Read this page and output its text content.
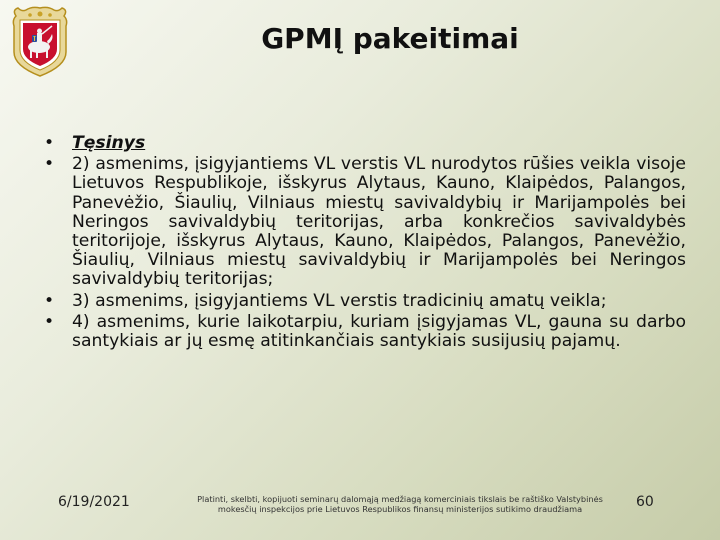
GPMĮ pakeitimai
• Tęsinys
• 2) asmenims, įsigyjantiems VL verstis VL nurodytos rūšies veikla visoje Lietuvos Respublikoje, išskyrus Alytaus, Kauno, Klaipėdos, Palangos, Panevėžio, Šiaulių, Vilniaus miestų savivaldybių ir Marijampolės bei Neringos savivaldybių teritorijas, arba konkrečios savivaldybės teritorijoje, išskyrus Alytaus, Kauno, Klaipėdos, Palangos, Panevėžio, Šiaulių, Vilniaus miestų savivaldybių ir Marijampolės bei Neringos savivaldybių teritorijas;
• 3) asmenims, įsigyjantiems VL verstis tradicinių amatų veikla;
• 4) asmenims, kurie laikotarpiu, kuriam įsigyjamas VL, gauna su darbo santykiais ar jų esmę atitinkančiais santykiais susijusių pajamų.
6/19/2021	Platinti, skelbti, kopijuoti seminarų dalomąją medžiagą komerciniais tikslais be raštiško Valstybinės mokesčių inspekcijos prie Lietuvos Respublikos finansų ministerijos sutikimo draudžiama	60
